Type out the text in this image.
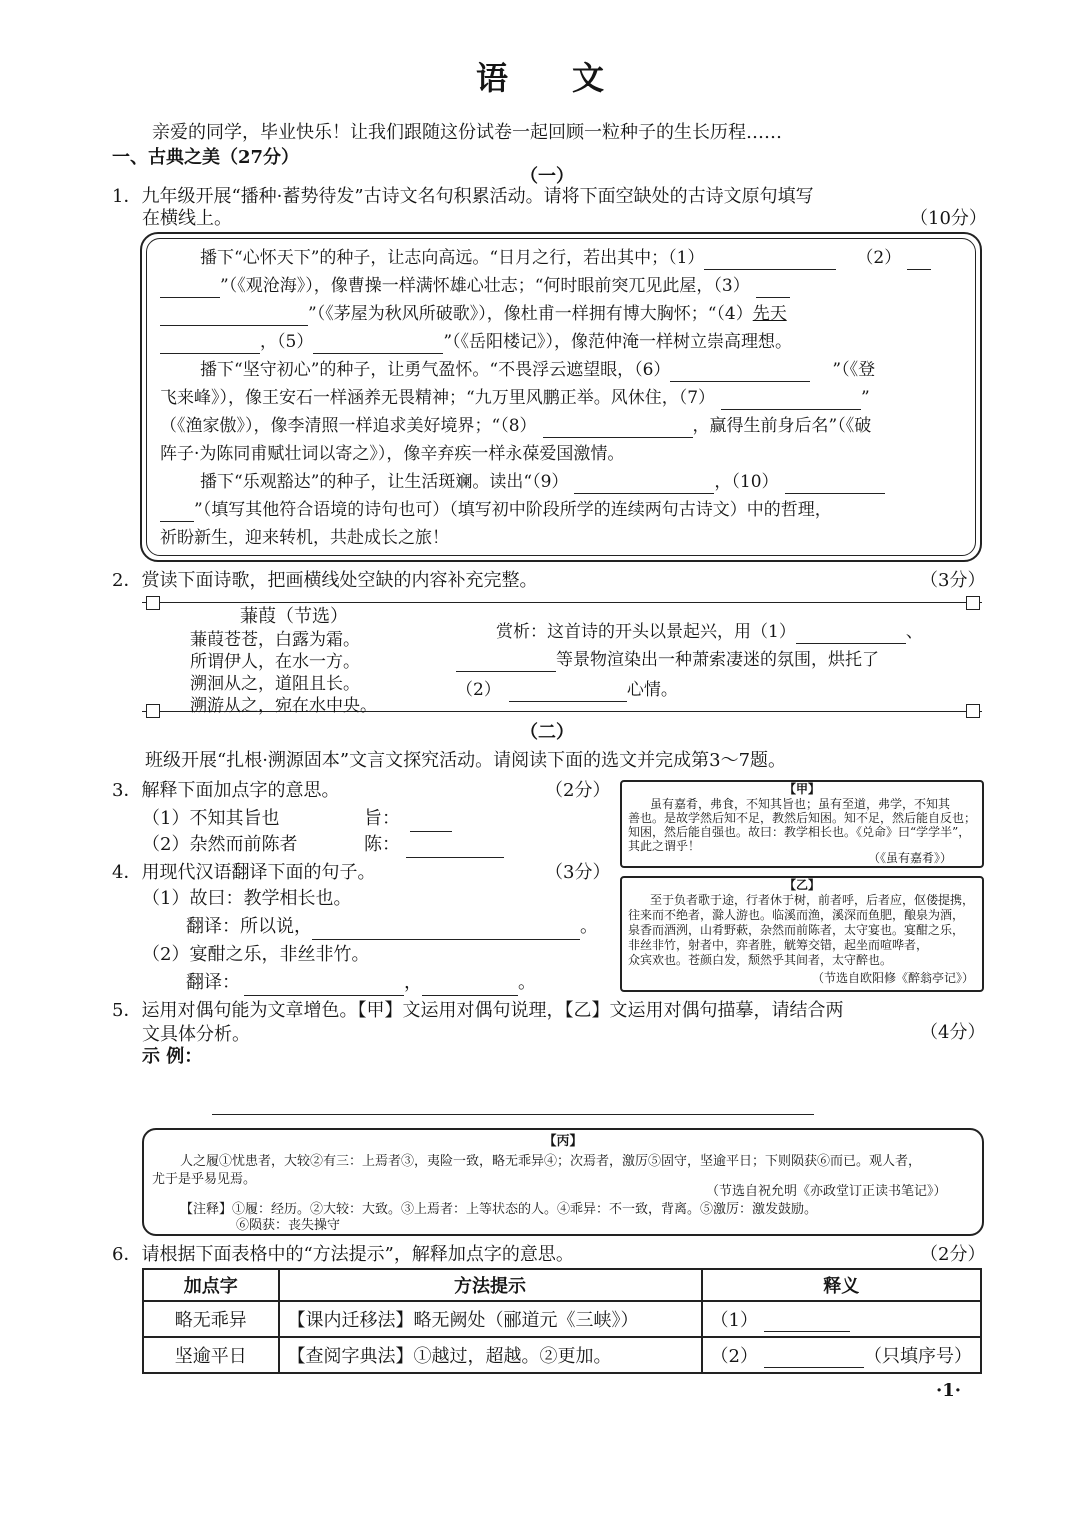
语　　文
亲爱的同学，毕业快乐！让我们跟随这份试卷一起回顾一粒种子的生长历程……
一、古典之美（27分）
（一）
1．九年级开展“播种·蓄势待发”古诗文名句积累活动。请将下面空缺处的古诗文原句填写
在横线上。	（10分）
播下“心怀天下”的种子，让志向高远。“日月之行，若出其中；（1）	（2）
”（《观沧海》），像曹操一样满怀雄心壮志；“何时眼前突兀见此屋，（3）
”（《茅屋为秋风所破歌》），像杜甫一样拥有博大胸怀；“（4）先天
，（5）	”（《岳阳楼记》），像范仲淹一样树立崇高理想。
播下“坚守初心”的种子，让勇气盈怀。“不畏浮云遮望眼，（6）	”（《登
飞来峰》），像王安石一样涵养无畏精神；“九万里风鹏正举。风休住，（7）	”
（《渔家傲》），像李清照一样追求美好境界；“（8）	，赢得生前身后名”（《破
阵子·为陈同甫赋壮词以寄之》），像辛弃疾一样永葆爱国激情。
播下“乐观豁达”的种子，让生活斑斓。读出“（9）	，（10）
”（填写其他符合语境的诗句也可）（填写初中阶段所学的连续两句古诗文）中的哲理，
祈盼新生，迎来转机，共赴成长之旅！
2．赏读下面诗歌，把画横线处空缺的内容补充完整。	（3分）
蒹葭（节选）
蒹葭苍苍，白露为霜。
所谓伊人，在水一方。
溯洄从之，道阻且长。
溯游从之，宛在水中央。
赏析：这首诗的开头以景起兴，用（1）	、
等景物渲染出一种萧索凄迷的氛围，烘托了
（2）	心情。
（二）
班级开展“扎根·溯源固本”文言文探究活动。请阅读下面的选文并完成第3～7题。
3．解释下面加点字的意思。	（2分）
（1）不知其旨也	旨：
（2）杂然而前陈者	陈：
4．用现代汉语翻译下面的句子。	（3分）
（1）故曰：教学相长也。
翻译：所以说，	。
（2）宴酣之乐，非丝非竹。
翻译：	，	。
【甲】
虽有嘉肴，弗食，不知其旨也；虽有至道，弗学，不知其
善也。是故学然后知不足，教然后知困。知不足，然后能自反也；
知困，然后能自强也。故曰：教学相长也。《兑命》曰“学学半”，
其此之谓乎！
（《虽有嘉肴》）
【乙】
至于负者歌于途，行者休于树，前者呼，后者应，伛偻提携，
往来而不绝者，滁人游也。临溪而渔，溪深而鱼肥，酿泉为酒，
泉香而酒洌，山肴野蔌，杂然而前陈者，太守宴也。宴酣之乐，
非丝非竹，射者中，弈者胜，觥筹交错，起坐而喧哗者，
众宾欢也。苍颜白发，颓然乎其间者，太守醉也。
（节选自欧阳修《醉翁亭记》）
5．运用对偶句能为文章增色。【甲】文运用对偶句说理，【乙】文运用对偶句描摹，请结合两
文具体分析。	（4分）
示 例：
【丙】
人之履①忧患者，大较②有三：上焉者③，夷险一致，略无乖异④；次焉者，激厉⑤固守，坚逾平日；下则陨获⑥而已。观人者，
尤于是乎易见焉。
（节选自祝允明《亦政堂订正读书笔记》）
【注释】①履：经历。②大较：大致。③上焉者：上等状态的人。④乖异：不一致，背离。⑤激厉：激发鼓励。
⑥陨获：丧失操守
6．请根据下面表格中的“方法提示”，解释加点字的意思。	（2分）
加点字	方法提示	释义
略无乖异	【课内迁移法】略无阙处（郦道元《三峡》）	（1）
坚逾平日	【查阅字典法】①越过，超越。②更加。	（2） （只填序号）
·1·
